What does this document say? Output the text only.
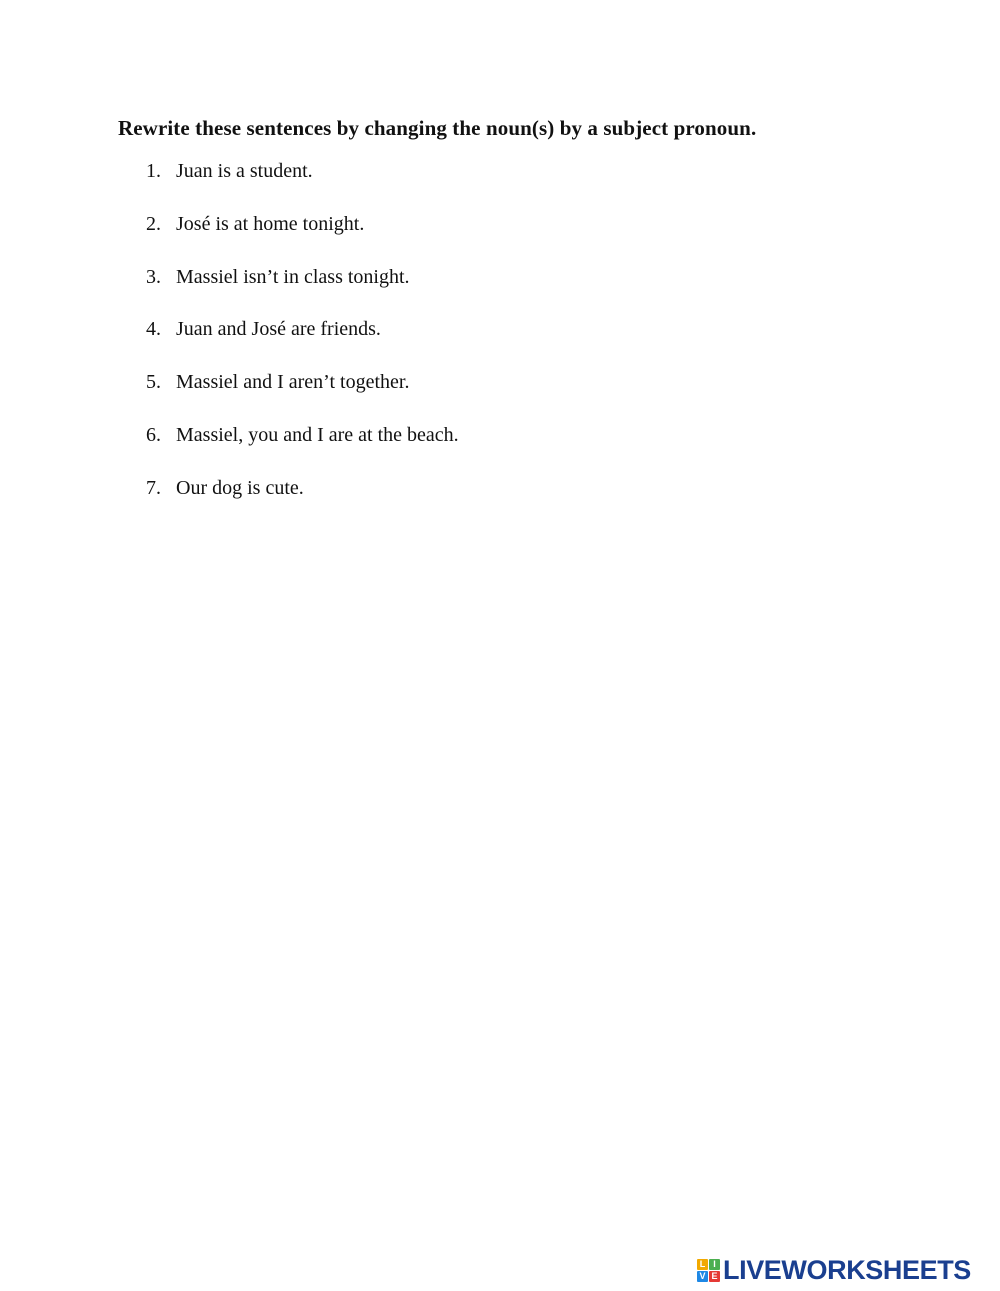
Rewrite these sentences by changing the noun(s) by a subject pronoun.
1. Juan is a student.
2. José is at home tonight.
3. Massiel isn’t in class tonight.
4. Juan and José are friends.
5. Massiel and I aren’t together.
6. Massiel, you and I are at the beach.
7. Our dog is cute.
L I
V E LIVEWORKSHEETS
